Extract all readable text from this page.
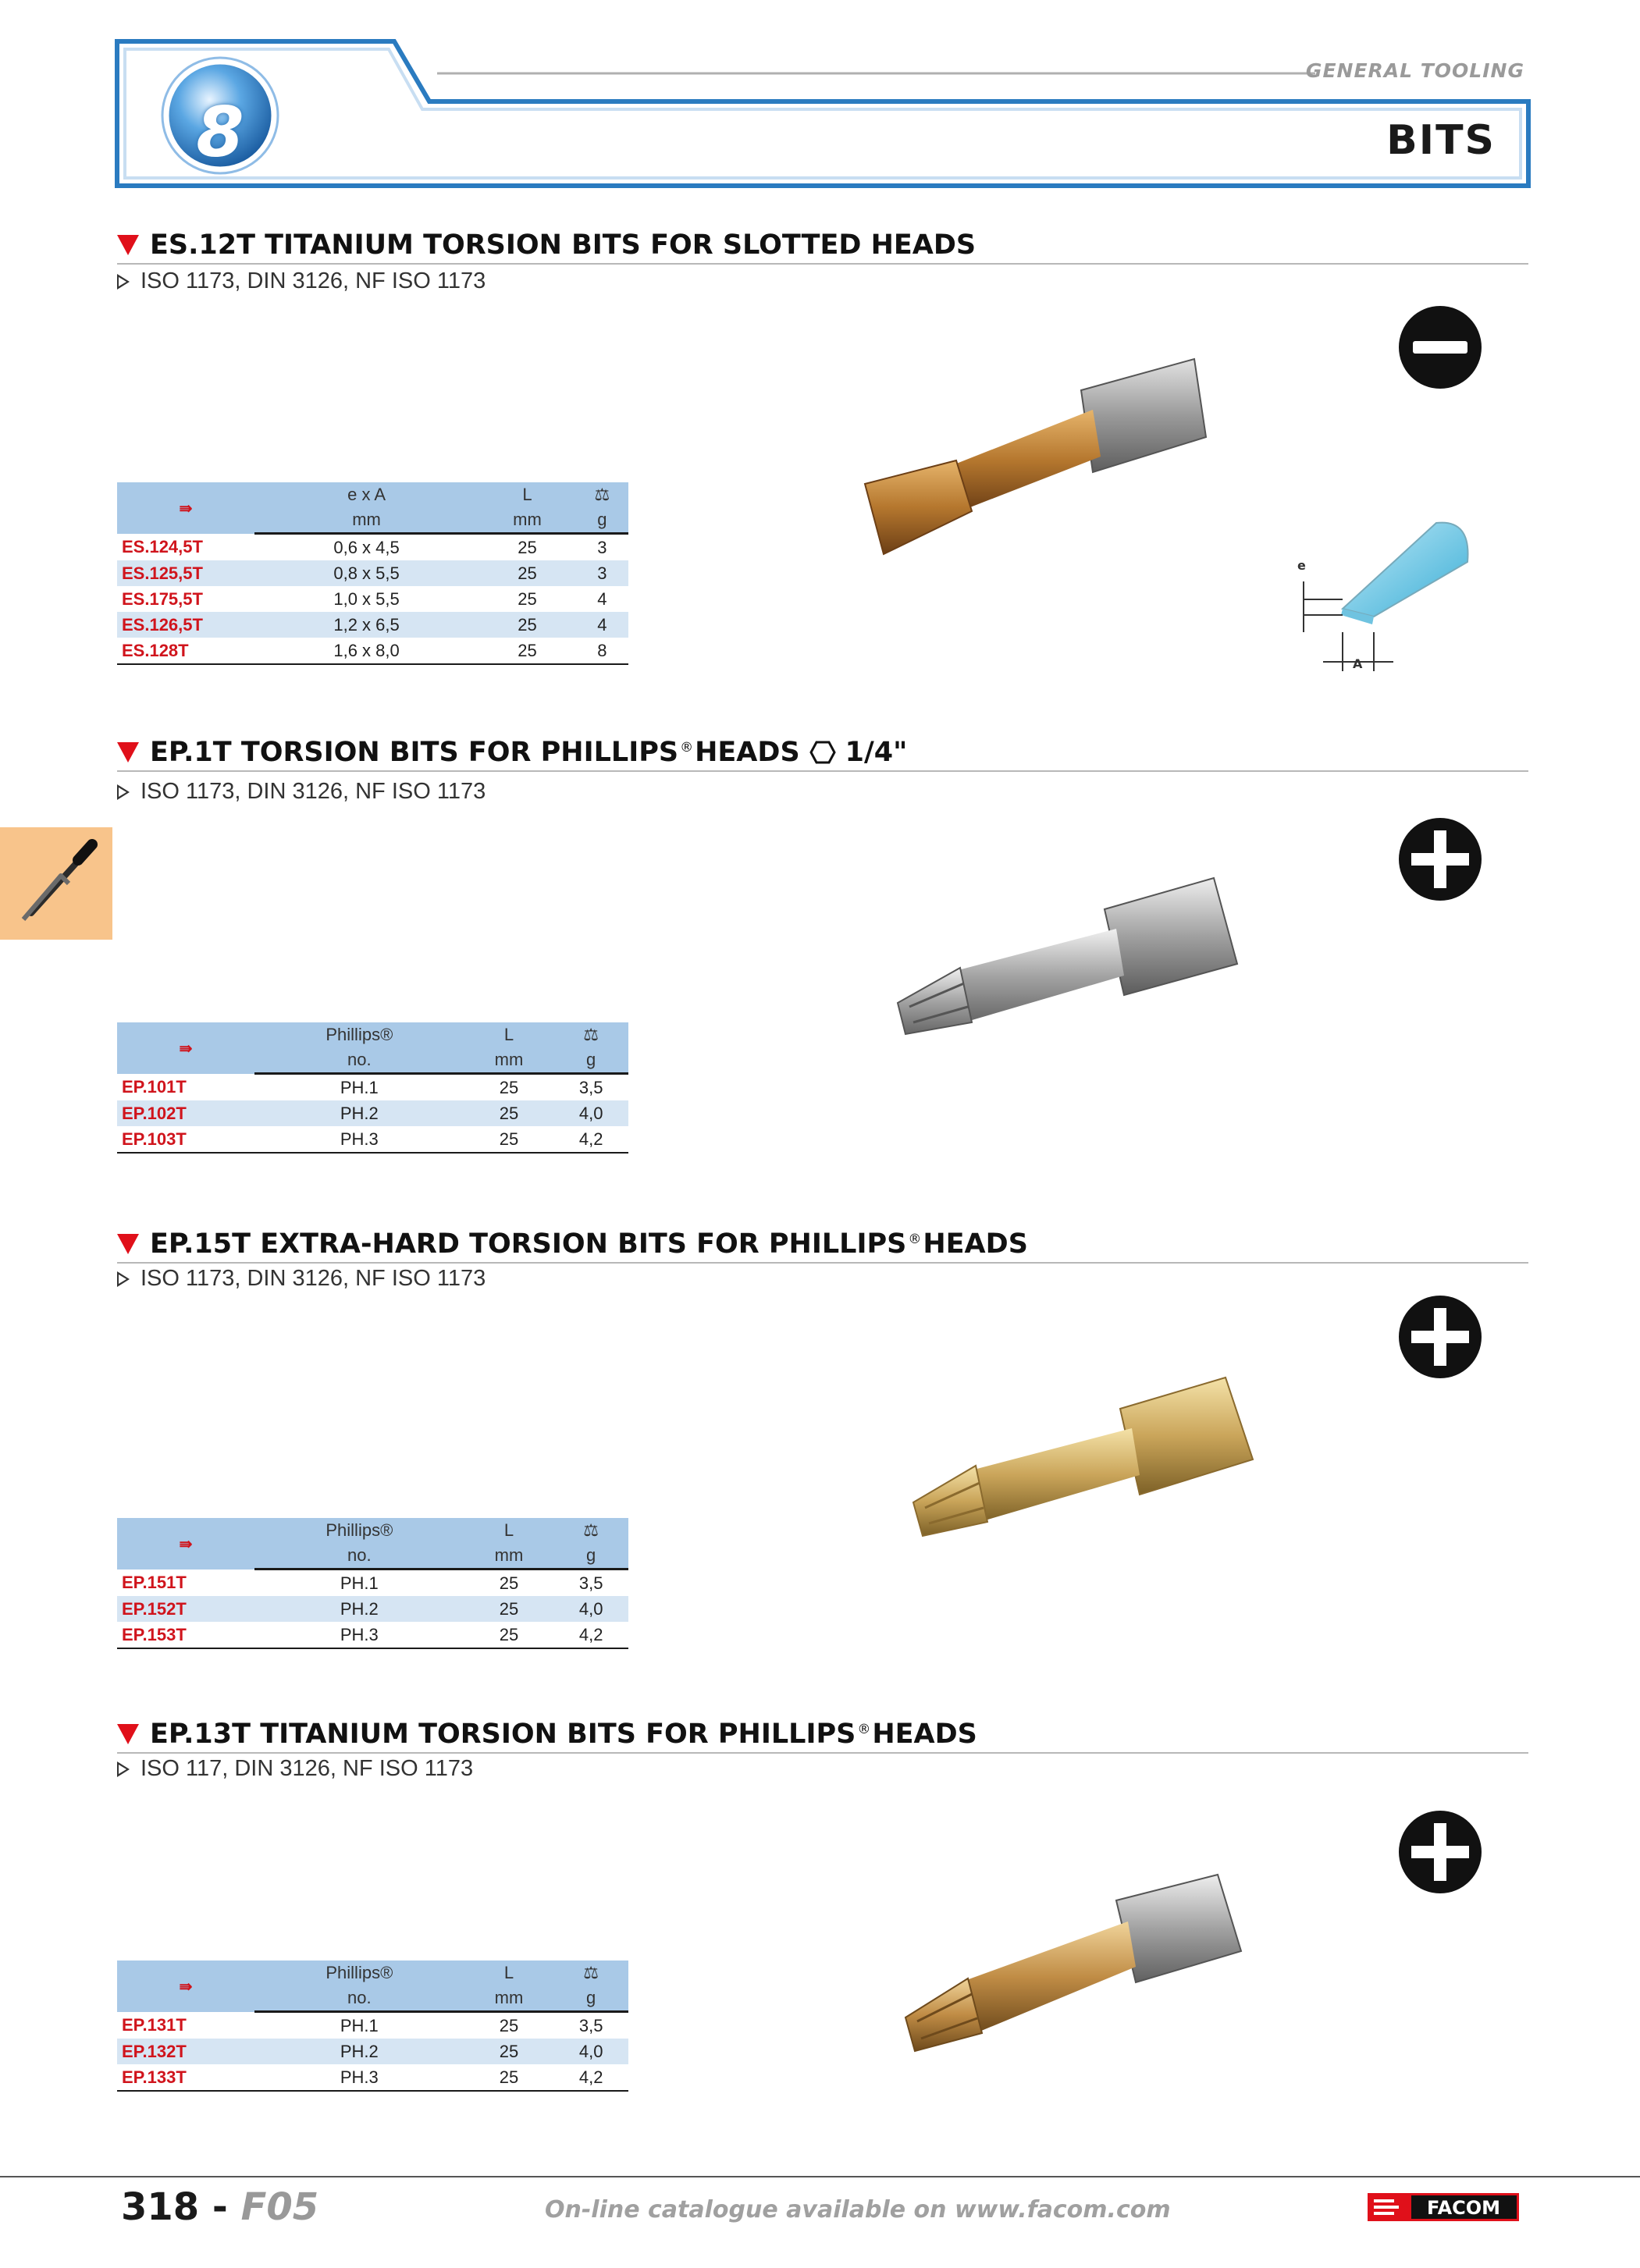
8
GENERAL TOOLING
BITS
ES.12T TITANIUM TORSION BITS FOR SLOTTED HEADS
ISO 1173, DIN 3126, NF ISO 1173
⇛	e x A	L	⚖
	mm	mm	g
ES.124,5T	0,6 x 4,5	25	3
ES.125,5T	0,8 x 5,5	25	3
ES.175,5T	1,0 x 5,5	25	4
ES.126,5T	1,2 x 6,5	25	4
ES.128T	1,6 x 8,0	25	8
e
A
EP.1T TORSION BITS FOR PHILLIPS® HEADS 1/4"
ISO 1173, DIN 3126, NF ISO 1173
⇛	Phillips®	L	⚖
	no.	mm	g
EP.101T	PH.1	25	3,5
EP.102T	PH.2	25	4,0
EP.103T	PH.3	25	4,2
EP.15T EXTRA-HARD TORSION BITS FOR PHILLIPS® HEADS
ISO 1173, DIN 3126, NF ISO 1173
⇛	Phillips®	L	⚖
	no.	mm	g
EP.151T	PH.1	25	3,5
EP.152T	PH.2	25	4,0
EP.153T	PH.3	25	4,2
EP.13T TITANIUM TORSION BITS FOR PHILLIPS® HEADS
ISO 117, DIN 3126, NF ISO 1173
⇛	Phillips®	L	⚖
	no.	mm	g
EP.131T	PH.1	25	3,5
EP.132T	PH.2	25	4,0
EP.133T	PH.3	25	4,2
318 - F05	On-line catalogue available on www.facom.com	FACOM
